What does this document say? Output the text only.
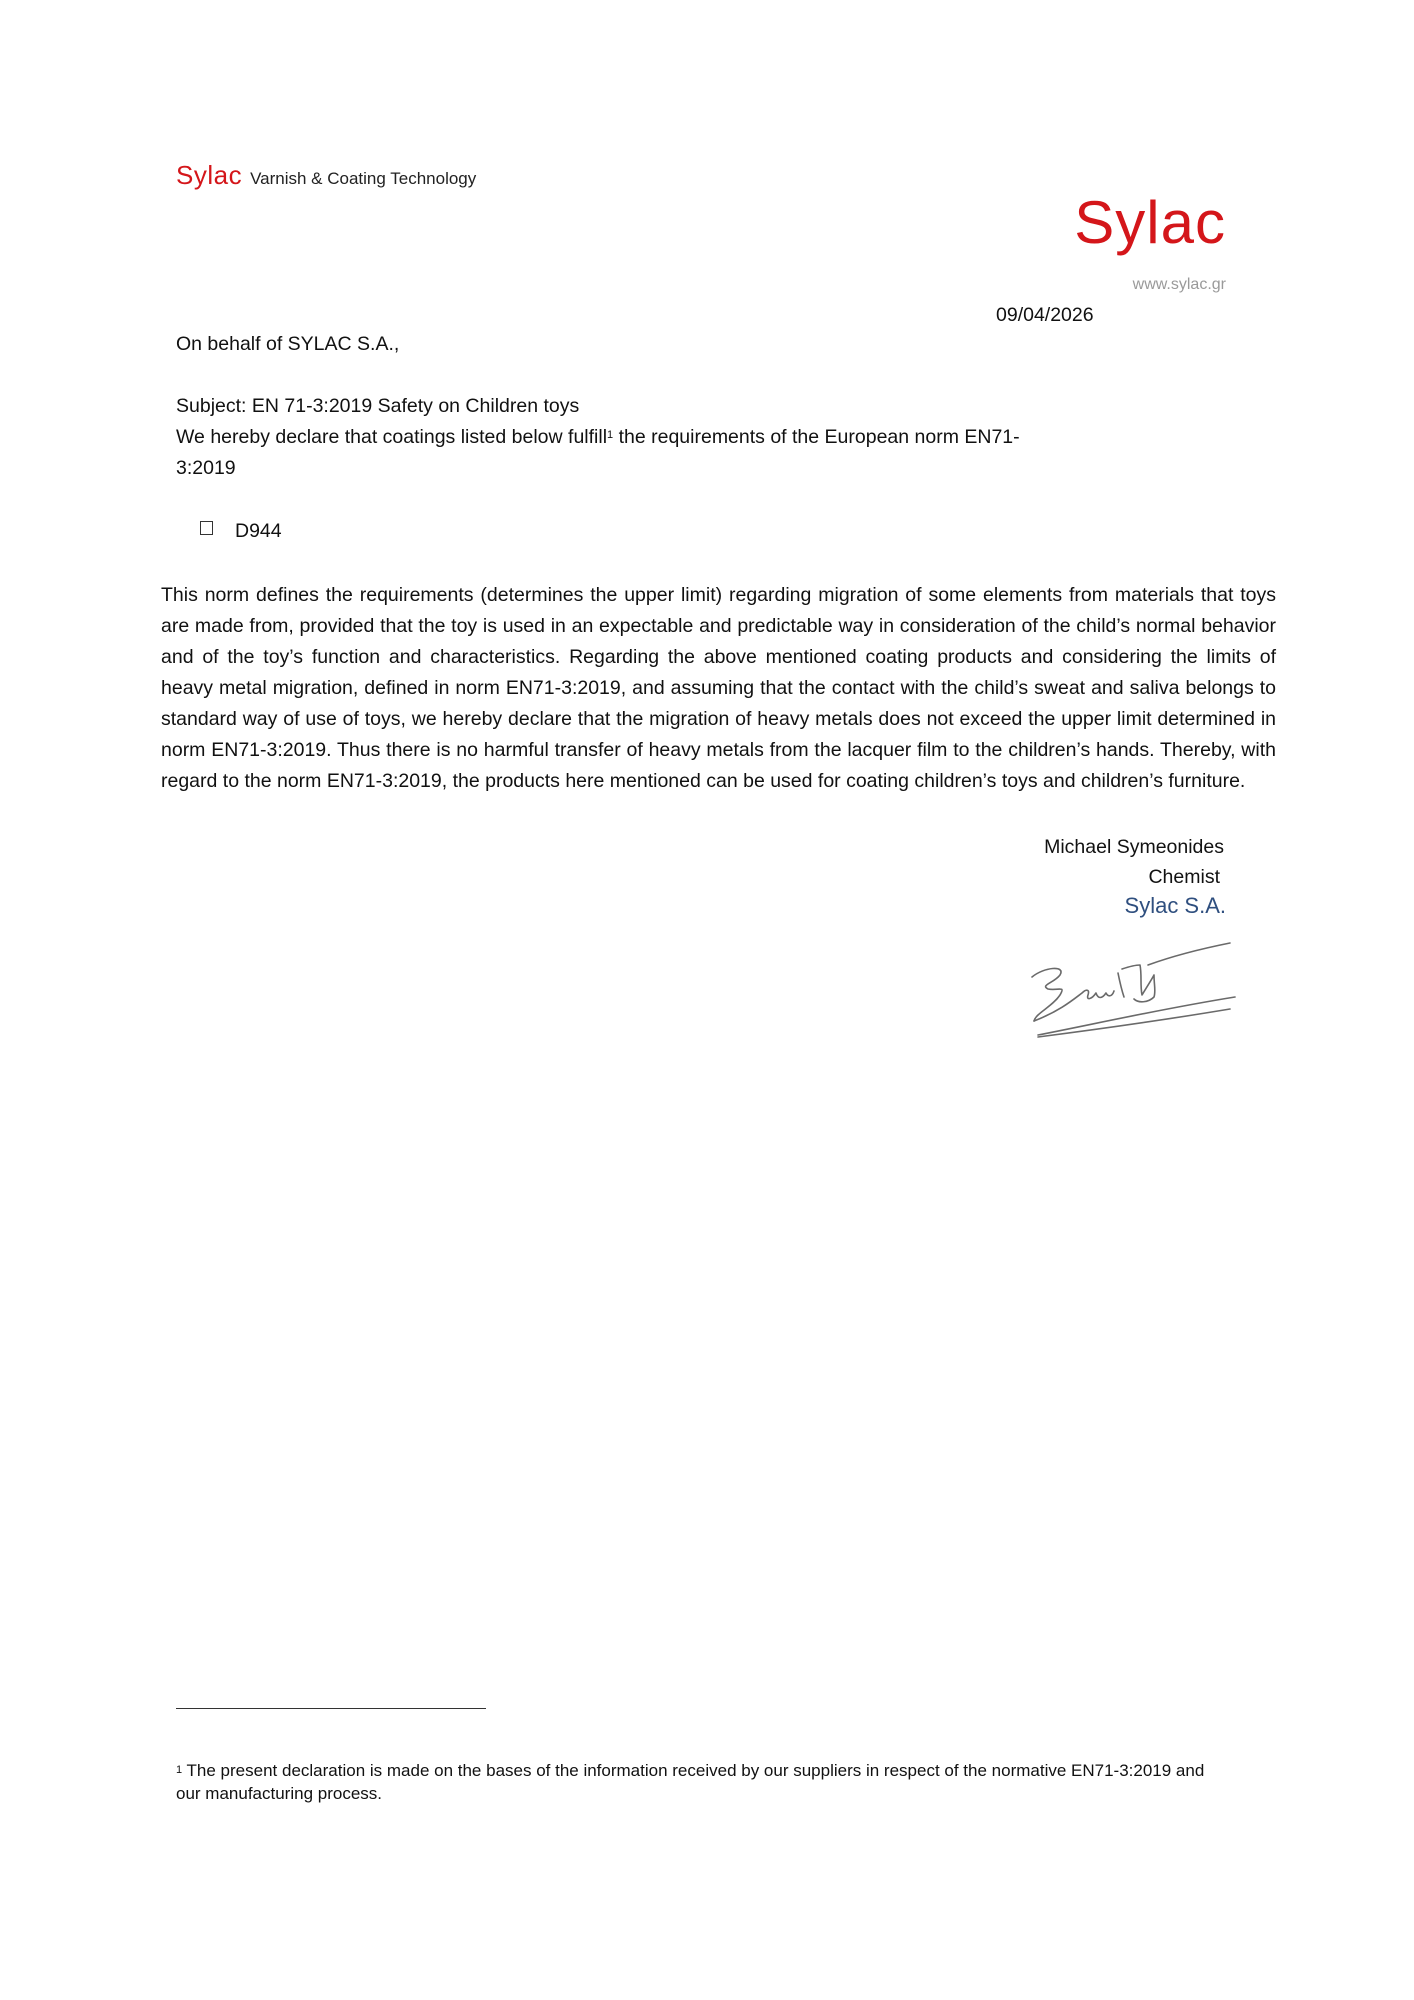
Sylac Varnish & Coating Technology
Sylac
www.sylac.gr
09/04/2026
On behalf of SYLAC S.A.,
Subject: EN 71-3:2019 Safety on Children toys
We hereby declare that coatings listed below fulfill$^1$ the requirements of the European norm EN71-3:2019
D944
This norm defines the requirements (determines the upper limit) regarding migration of some elements from materials that toys are made from, provided that the toy is used in an expectable and predictable way in consideration of the child’s normal behavior and of the toy’s function and characteristics. Regarding the above mentioned coating products and considering the limits of heavy metal migration, defined in norm EN71-3:2019, and assuming that the contact with the child’s sweat and saliva belongs to standard way of use of toys, we hereby declare that the migration of heavy metals does not exceed the upper limit determined in norm EN71-3:2019. Thus there is no harmful transfer of heavy metals from the lacquer film to the children’s hands. Thereby, with regard to the norm EN71-3:2019, the products here mentioned can be used for coating children’s toys and children’s furniture.
Michael Symeonides
Chemist
Sylac S.A.
$^1$ The present declaration is made on the bases of the information received by our suppliers in respect of the normative EN71-3:2019 and our manufacturing process.
